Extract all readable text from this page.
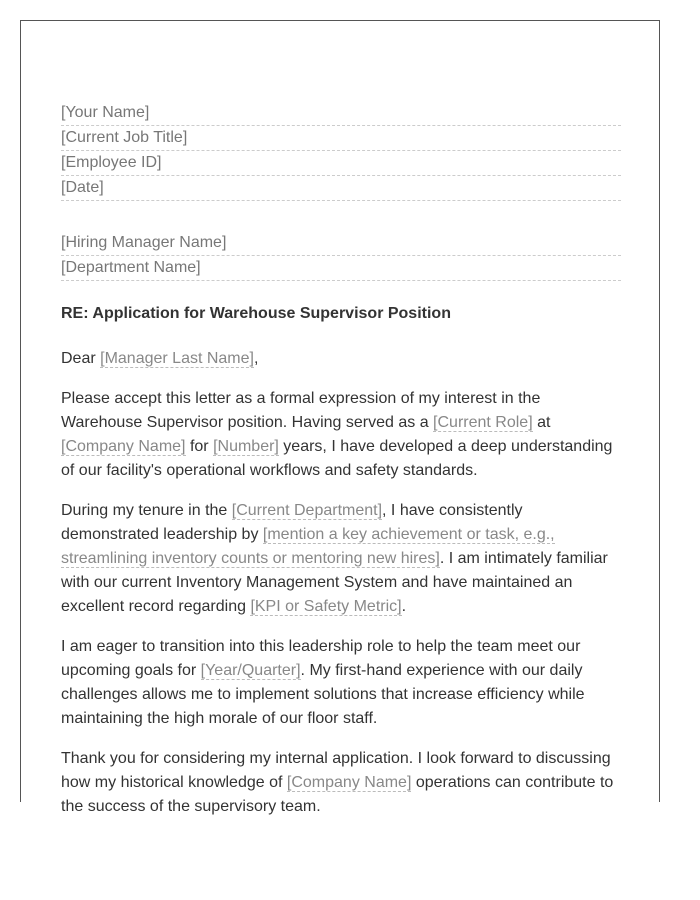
[Your Name]
[Current Job Title]
[Employee ID]
[Date]
[Hiring Manager Name]
[Department Name]
RE: Application for Warehouse Supervisor Position
Dear [Manager Last Name],
Please accept this letter as a formal expression of my interest in the Warehouse Supervisor position. Having served as a [Current Role] at [Company Name] for [Number] years, I have developed a deep understanding of our facility's operational workflows and safety standards.
During my tenure in the [Current Department], I have consistently demonstrated leadership by [mention a key achievement or task, e.g., streamlining inventory counts or mentoring new hires]. I am intimately familiar with our current Inventory Management System and have maintained an excellent record regarding [KPI or Safety Metric].
I am eager to transition into this leadership role to help the team meet our upcoming goals for [Year/Quarter]. My first-hand experience with our daily challenges allows me to implement solutions that increase efficiency while maintaining the high morale of our floor staff.
Thank you for considering my internal application. I look forward to discussing how my historical knowledge of [Company Name] operations can contribute to the success of the supervisory team.
